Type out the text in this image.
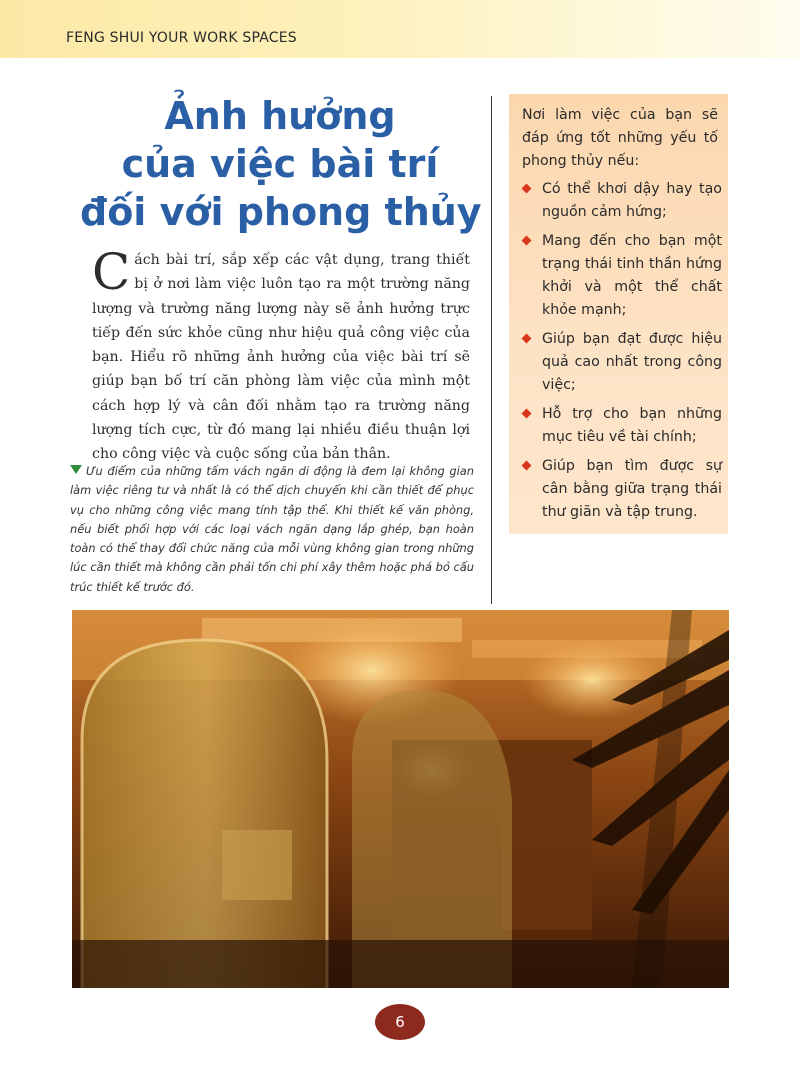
FENG SHUI YOUR WORK SPACES
Ảnh hưởng
của việc bài trí
đối với phong thủy
Cách bài trí, sắp xếp các vật dụng, trang thiết bị ở nơi làm việc luôn tạo ra một trường năng lượng và trường năng lượng này sẽ ảnh hưởng trực tiếp đến sức khỏe cũng như hiệu quả công việc của bạn. Hiểu rõ những ảnh hưởng của việc bài trí sẽ giúp bạn bố trí căn phòng làm việc của mình một cách hợp lý và cân đối nhằm tạo ra trường năng lượng tích cực, từ đó mang lại nhiều điều thuận lợi cho công việc và cuộc sống của bản thân.
Ưu điểm của những tấm vách ngăn di động là đem lại không gian làm việc riêng tư và nhất là có thể dịch chuyển khi cần thiết để phục vụ cho những công việc mang tính tập thể. Khi thiết kế văn phòng, nếu biết phối hợp với các loại vách ngăn dạng lắp ghép, bạn hoàn toàn có thể thay đổi chức năng của mỗi vùng không gian trong những lúc cần thiết mà không cần phải tốn chi phí xây thêm hoặc phá bỏ cấu trúc thiết kế trước đó.
Nơi làm việc của bạn sẽ đáp ứng tốt những yếu tố phong thủy nếu:
Có thể khơi dậy hay tạo nguồn cảm hứng;
Mang đến cho bạn một trạng thái tinh thần hứng khởi và một thể chất khỏe mạnh;
Giúp bạn đạt được hiệu quả cao nhất trong công việc;
Hỗ trợ cho bạn những mục tiêu về tài chính;
Giúp bạn tìm được sự cân bằng giữa trạng thái thư giãn và tập trung.
6
